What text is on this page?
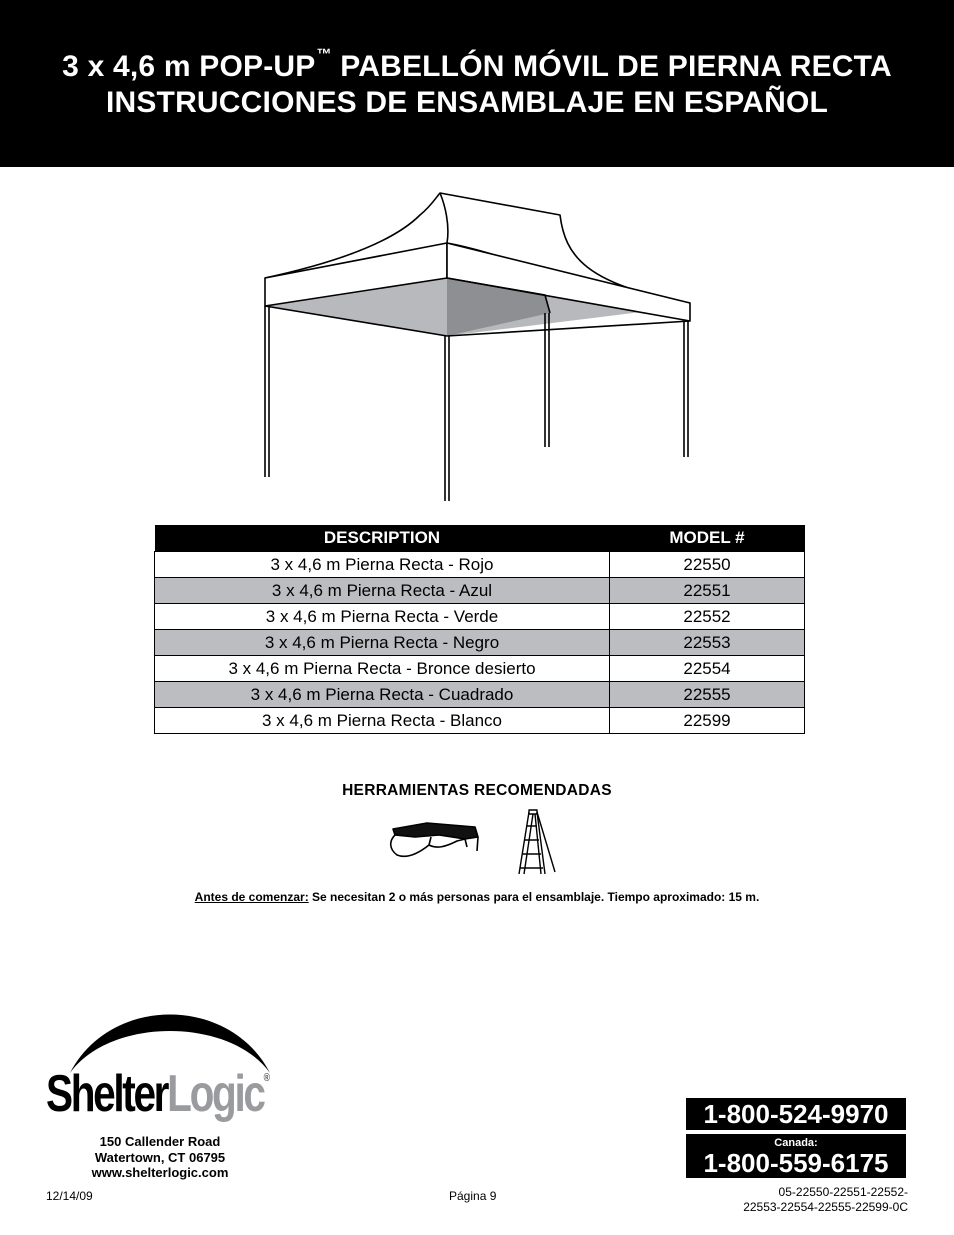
3 x 4,6 m POP-UP™ PABELLÓN MÓVIL DE PIERNA RECTA
INSTRUCCIONES DE ENSAMBLAJE EN ESPAÑOL
DESCRIPTION	MODEL #
3 x 4,6 m Pierna Recta - Rojo	22550
3 x 4,6 m Pierna Recta - Azul	22551
3 x 4,6 m Pierna Recta - Verde	22552
3 x 4,6 m Pierna Recta - Negro	22553
3 x 4,6 m Pierna Recta - Bronce desierto	22554
3 x 4,6 m Pierna Recta - Cuadrado	22555
3 x 4,6 m Pierna Recta - Blanco	22599
HERRAMIENTAS RECOMENDADAS
Antes de comenzar: Se necesitan 2 o más personas para el ensamblaje. Tiempo aproximado: 15 m.
ShelterLogic®
150 Callender Road
Watertown, CT 06795
www.shelterlogic.com
1-800-524-9970
Canada:
1-800-559-6175
12/14/09	Página 9	05-22550-22551-22552-
22553-22554-22555-22599-0C
